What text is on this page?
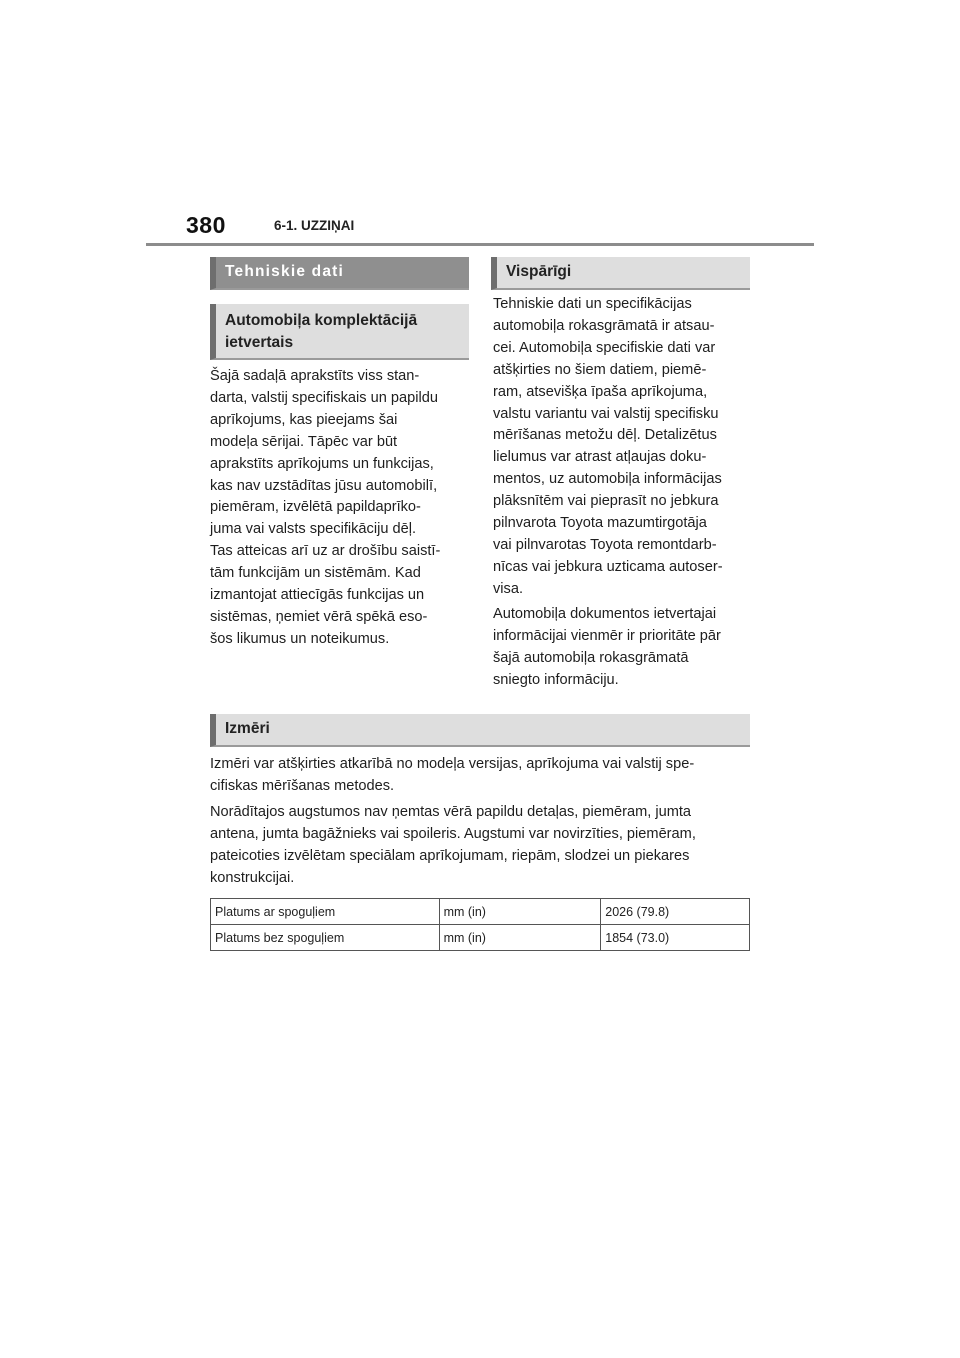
380	6-1. UZZIŅAI
Tehniskie dati
Automobiļa komplektācijā
ietvertais
Šajā sadaļā aprakstīts viss stan-
darta, valstij specifiskais un papildu
aprīkojums, kas pieejams šai
modeļa sērijai. Tāpēc var būt
aprakstīts aprīkojums un funkcijas,
kas nav uzstādītas jūsu automobilī,
piemēram, izvēlētā papildaprīko-
juma vai valsts specifikāciju dēļ.
Tas atteicas arī uz ar drošību saistī-
tām funkcijām un sistēmām. Kad
izmantojat attiecīgās funkcijas un
sistēmas, ņemiet vērā spēkā eso-
šos likumus un noteikumus.
Vispārīgi
Tehniskie dati un specifikācijas
automobiļa rokasgrāmatā ir atsau-
cei. Automobiļa specifiskie dati var
atšķirties no šiem datiem, piemē-
ram, atsevišķa īpaša aprīkojuma,
valstu variantu vai valstij specifisku
mērīšanas metožu dēļ. Detalizētus
lielumus var atrast atļaujas doku-
mentos, uz automobiļa informācijas
plāksnītēm vai pieprasīt no jebkura
pilnvarota Toyota mazumtirgotāja
vai pilnvarotas Toyota remontdarb-
nīcas vai jebkura uzticama autoser-
visa.
Automobiļa dokumentos ietvertajai
informācijai vienmēr ir prioritāte pār
šajā automobiļa rokasgrāmatā
sniegto informāciju.
Izmēri
Izmēri var atšķirties atkarībā no modeļa versijas, aprīkojuma vai valstij spe-
cifiskas mērīšanas metodes.
Norādītajos augstumos nav ņemtas vērā papildu detaļas, piemēram, jumta
antena, jumta bagāžnieks vai spoileris. Augstumi var novirzīties, piemēram,
pateicoties izvēlētam speciālam aprīkojumam, riepām, slodzei un piekares
konstrukcijai.
Platums ar spoguļiem	mm (in)	2026 (79.8)
Platums bez spoguļiem	mm (in)	1854 (73.0)
